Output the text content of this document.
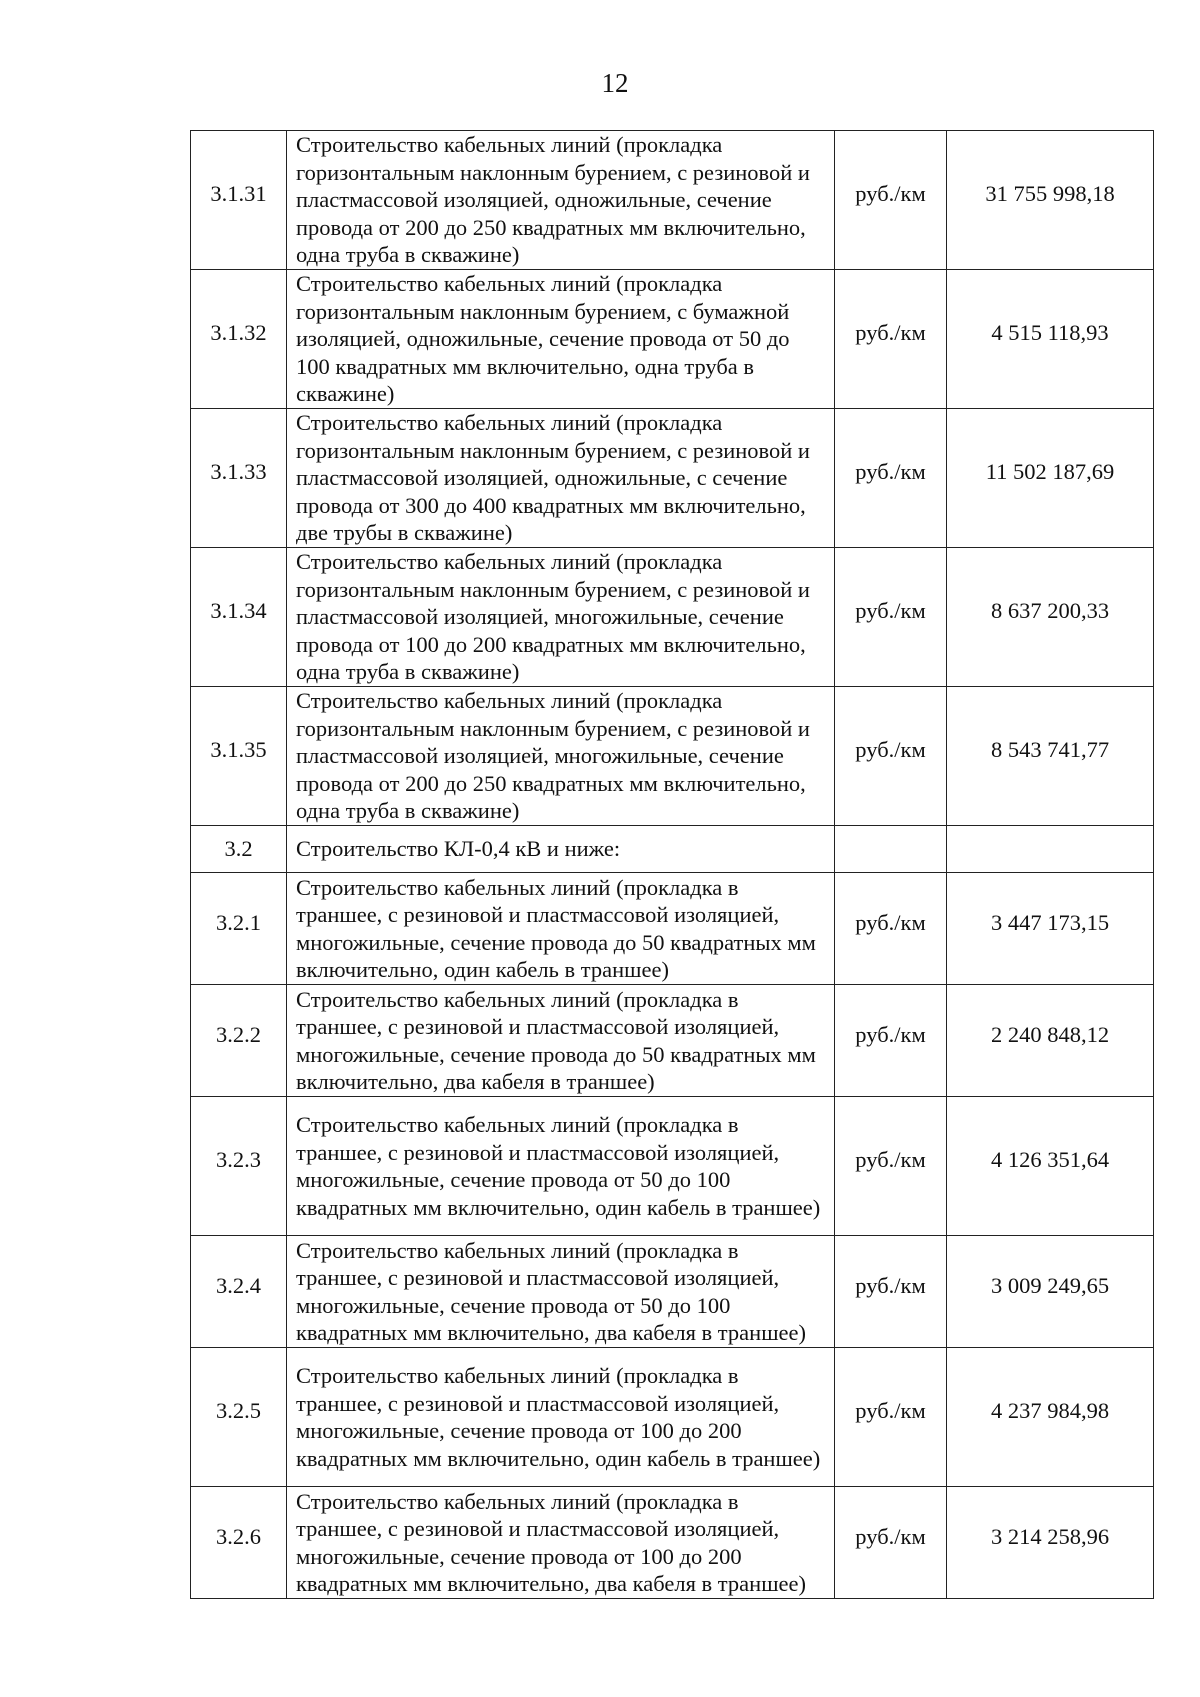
12
3.1.31	Строительство кабельных линий (прокладка горизонтальным наклонным бурением, с резиновой и пластмассовой изоляцией, одножильные, сечение провода от 200 до 250 квадратных мм включительно, одна труба в скважине)	руб./км	31 755 998,18

3.1.32	Строительство кабельных линий (прокладка горизонтальным наклонным бурением, с бумажной изоляцией, одножильные, сечение провода от 50 до 100 квадратных мм включительно, одна труба в скважине)	руб./км	4 515 118,93

3.1.33	Строительство кабельных линий (прокладка горизонтальным наклонным бурением, с резиновой и пластмассовой изоляцией, одножильные, с сечение провода от 300 до 400 квадратных мм включительно, две трубы в скважине)	руб./км	11 502 187,69

3.1.34	Строительство кабельных линий (прокладка горизонтальным наклонным бурением, с резиновой и пластмассовой изоляцией, многожильные, сечение провода от 100 до 200 квадратных мм включительно, одна труба в скважине)	руб./км	8 637 200,33

3.1.35	Строительство кабельных линий (прокладка горизонтальным наклонным бурением, с резиновой и пластмассовой изоляцией, многожильные, сечение провода от 200 до 250 квадратных мм включительно, одна труба в скважине)	руб./км	8 543 741,77

3.2	Строительство КЛ-0,4 кВ и ниже:		

3.2.1	Строительство кабельных линий (прокладка в траншее, с резиновой и пластмассовой изоляцией, многожильные, сечение провода до 50 квадратных мм включительно, один кабель в траншее)	руб./км	3 447 173,15

3.2.2	Строительство кабельных линий (прокладка в траншее, с резиновой и пластмассовой изоляцией, многожильные, сечение провода до 50 квадратных мм включительно, два кабеля в траншее)	руб./км	2 240 848,12

3.2.3	Строительство кабельных линий (прокладка в траншее, с резиновой и пластмассовой изоляцией, многожильные, сечение провода от 50 до 100 квадратных мм включительно, один кабель в траншее)	руб./км	4 126 351,64

3.2.4	Строительство кабельных линий (прокладка в траншее, с резиновой и пластмассовой изоляцией, многожильные, сечение провода от 50 до 100 квадратных мм включительно, два кабеля в траншее)	руб./км	3 009 249,65

3.2.5	Строительство кабельных линий (прокладка в траншее, с резиновой и пластмассовой изоляцией, многожильные, сечение провода от 100 до 200 квадратных мм включительно, один кабель в траншее)	руб./км	4 237 984,98

3.2.6	Строительство кабельных линий (прокладка в траншее, с резиновой и пластмассовой изоляцией, многожильные, сечение провода от 100 до 200 квадратных мм включительно, два кабеля в траншее)	руб./км	3 214 258,96
